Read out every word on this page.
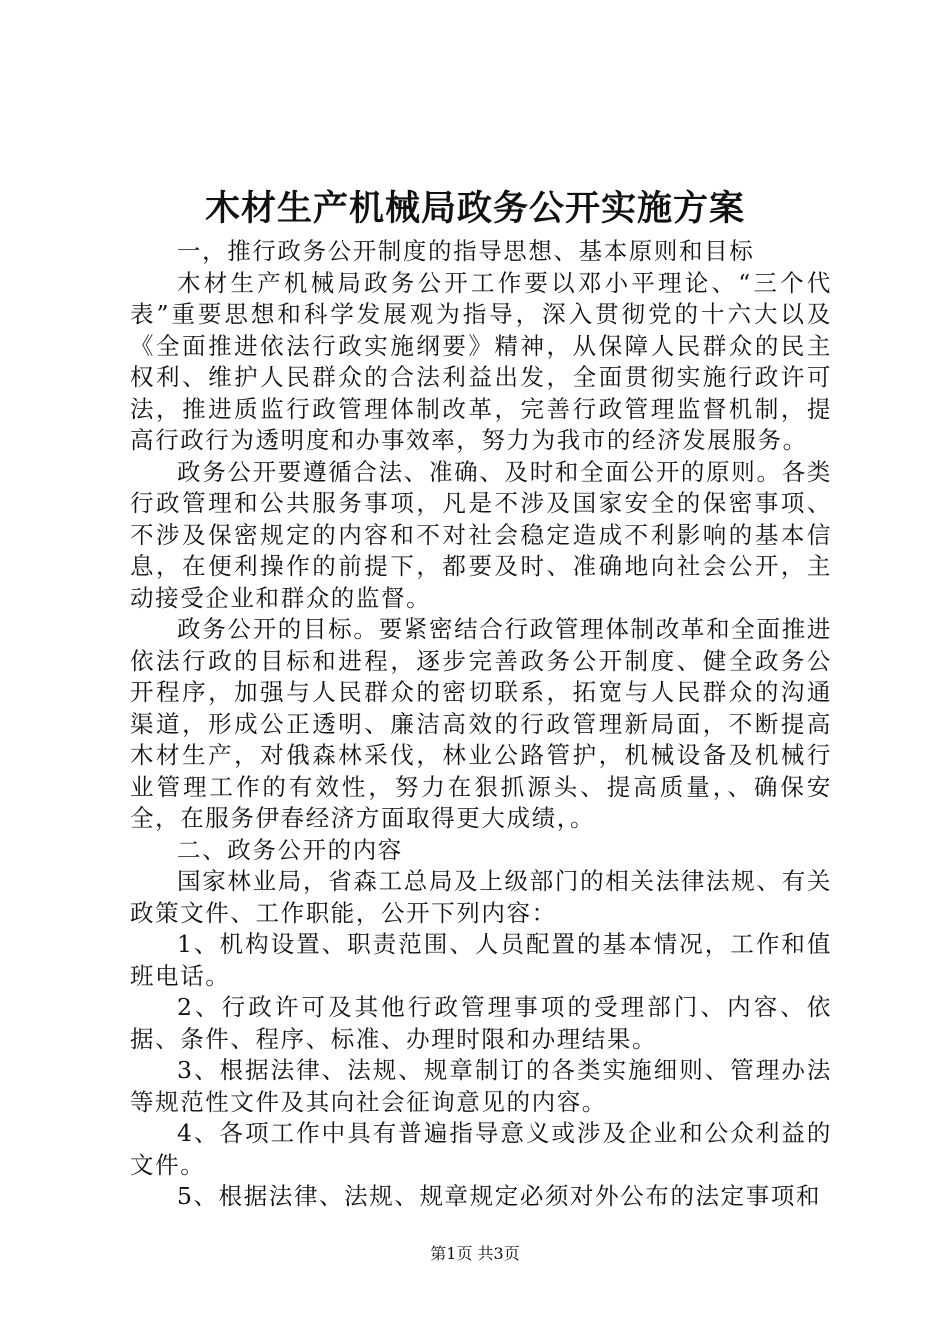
木材生产机械局政务公开实施方案

一，推行政务公开制度的指导思想、基本原则和目标

木材生产机械局政务公开工作要以邓小平理论、“三个代表”重要思想和科学发展观为指导，深入贯彻党的十六大以及《全面推进依法行政实施纲要》精神，从保障人民群众的民主权利、维护人民群众的合法利益出发，全面贯彻实施行政许可法，推进质监行政管理体制改革，完善行政管理监督机制，提高行政行为透明度和办事效率，努力为我市的经济发展服务。

政务公开要遵循合法、准确、及时和全面公开的原则。各类行政管理和公共服务事项，凡是不涉及国家安全的保密事项、不涉及保密规定的内容和不对社会稳定造成不利影响的基本信息，在便利操作的前提下，都要及时、准确地向社会公开，主动接受企业和群众的监督。

政务公开的目标。要紧密结合行政管理体制改革和全面推进依法行政的目标和进程，逐步完善政务公开制度、健全政务公开程序，加强与人民群众的密切联系，拓宽与人民群众的沟通渠道，形成公正透明、廉洁高效的行政管理新局面，不断提高木材生产，对俄森林采伐，林业公路管护，机械设备及机械行业管理工作的有效性，努力在狠抓源头、提高质量，、确保安全，在服务伊春经济方面取得更大成绩，。

二、政务公开的内容

国家林业局，省森工总局及上级部门的相关法律法规、有关政策文件、工作职能，公开下列内容：

1、机构设置、职责范围、人员配置的基本情况，工作和值班电话。

2、行政许可及其他行政管理事项的受理部门、内容、依据、条件、程序、标准、办理时限和办理结果。

3、根据法律、法规、规章制订的各类实施细则、管理办法等规范性文件及其向社会征询意见的内容。

4、各项工作中具有普遍指导意义或涉及企业和公众利益的文件。

5、根据法律、法规、规章规定必须对外公布的法定事项和

第1页 共3页
